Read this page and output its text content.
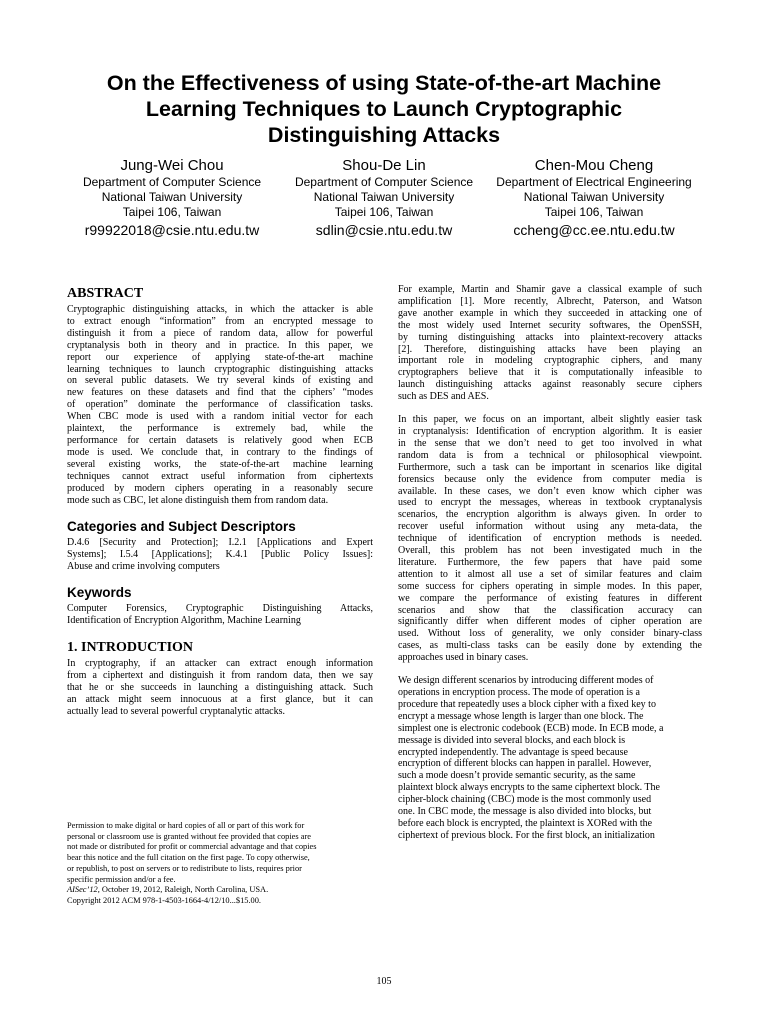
On the Effectiveness of using State-of-the-art Machine
Learning Techniques to Launch Cryptographic
Distinguishing Attacks
Jung-Wei Chou
Department of Computer Science
National Taiwan University
Taipei 106, Taiwan
r99922018@csie.ntu.edu.tw
Shou-De Lin
Department of Computer Science
National Taiwan University
Taipei 106, Taiwan
sdlin@csie.ntu.edu.tw
Chen-Mou Cheng
Department of Electrical Engineering
National Taiwan University
Taipei 106, Taiwan
ccheng@cc.ee.ntu.edu.tw
ABSTRACT
Cryptographic distinguishing attacks, in which the attacker is able
to extract enough “information” from an encrypted message to
distinguish it from a piece of random data, allow for powerful
cryptanalysis both in theory and in practice. In this paper, we
report our experience of applying state-of-the-art machine
learning techniques to launch cryptographic distinguishing attacks
on several public datasets. We try several kinds of existing and
new features on these datasets and find that the ciphers’ “modes
of operation” dominate the performance of classification tasks.
When CBC mode is used with a random initial vector for each
plaintext, the performance is extremely bad, while the
performance for certain datasets is relatively good when ECB
mode is used. We conclude that, in contrary to the findings of
several existing works, the state-of-the-art machine learning
techniques cannot extract useful information from ciphertexts
produced by modern ciphers operating in a reasonably secure
mode such as CBC, let alone distinguish them from random data.
Categories and Subject Descriptors
D.4.6 [Security and Protection]; I.2.1 [Applications and Expert
Systems]; I.5.4 [Applications]; K.4.1 [Public Policy Issues]:
Abuse and crime involving computers
Keywords
Computer Forensics, Cryptographic Distinguishing Attacks,
Identification of Encryption Algorithm, Machine Learning
1. INTRODUCTION
In cryptography, if an attacker can extract enough information
from a ciphertext and distinguish it from random data, then we say
that he or she succeeds in launching a distinguishing attack. Such
an attack might seem innocuous at a first glance, but it can
actually lead to several powerful cryptanalytic attacks.
Permission to make digital or hard copies of all or part of this work for
personal or classroom use is granted without fee provided that copies are
not made or distributed for profit or commercial advantage and that copies
bear this notice and the full citation on the first page. To copy otherwise,
or republish, to post on servers or to redistribute to lists, requires prior
specific permission and/or a fee.
AISec’12, October 19, 2012, Raleigh, North Carolina, USA.
Copyright 2012 ACM 978-1-4503-1664-4/12/10...$15.00.
For example, Martin and Shamir gave a classical example of such
amplification [1]. More recently, Albrecht, Paterson, and Watson
gave another example in which they succeeded in attacking one of
the most widely used Internet security softwares, the OpenSSH,
by turning distinguishing attacks into plaintext-recovery attacks
[2]. Therefore, distinguishing attacks have been playing an
important role in modeling cryptographic ciphers, and many
cryptographers believe that it is computationally infeasible to
launch distinguishing attacks against reasonably secure ciphers
such as DES and AES.
In this paper, we focus on an important, albeit slightly easier task
in cryptanalysis: Identification of encryption algorithm. It is easier
in the sense that we don’t need to get too involved in what
random data is from a technical or philosophical viewpoint.
Furthermore, such a task can be important in scenarios like digital
forensics because only the evidence from computer media is
available. In these cases, we don’t even know which cipher was
used to encrypt the messages, whereas in textbook cryptanalysis
scenarios, the encryption algorithm is always given. In order to
recover useful information without using any meta-data, the
technique of identification of encryption methods is needed.
Overall, this problem has not been investigated much in the
literature. Furthermore, the few papers that have paid some
attention to it almost all use a set of similar features and claim
some success for ciphers operating in simple modes. In this paper,
we compare the performance of existing features in different
scenarios and show that the classification accuracy can
significantly differ when different modes of cipher operation are
used. Without loss of generality, we only consider binary-class
cases, as multi-class tasks can be easily done by extending the
approaches used in binary cases.
We design different scenarios by introducing different modes of
operations in encryption process. The mode of operation is a
procedure that repeatedly uses a block cipher with a fixed key to
encrypt a message whose length is larger than one block. The
simplest one is electronic codebook (ECB) mode. In ECB mode, a
message is divided into several blocks, and each block is
encrypted independently. The advantage is speed because
encryption of different blocks can happen in parallel. However,
such a mode doesn’t provide semantic security, as the same
plaintext block always encrypts to the same ciphertext block. The
cipher-block chaining (CBC) mode is the most commonly used
one. In CBC mode, the message is also divided into blocks, but
before each block is encrypted, the plaintext is XORed with the
ciphertext of previous block. For the first block, an initialization
105
